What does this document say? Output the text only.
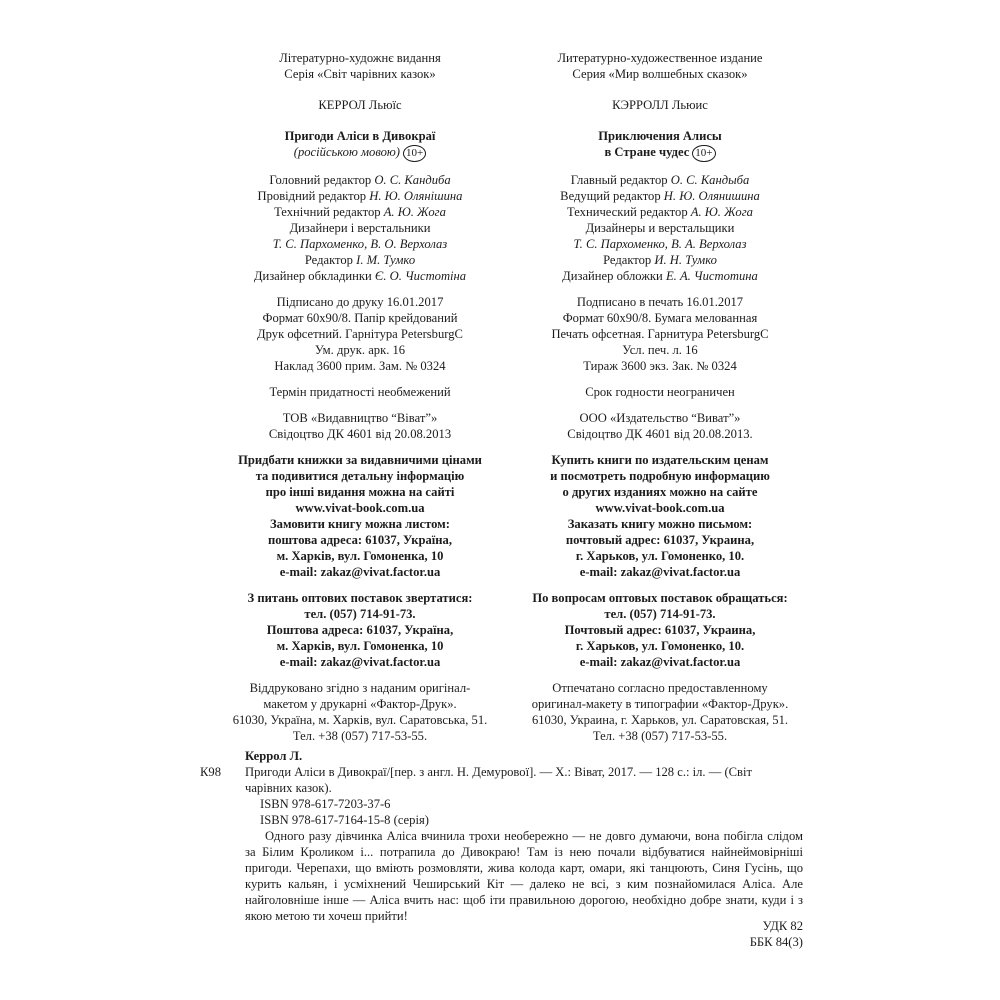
Літературно-художнє видання
Серія «Світ чарівних казок»
КЕРРОЛ Льюїс
Пригоди Аліси в Дивокраї
(російською мовою) 10+
Головний редактор О. С. Кандиба
Провідний редактор Н. Ю. Олянішина
Технічний редактор А. Ю. Жога
Дизайнери і верстальники
Т. С. Пархоменко, В. О. Верхолаз
Редактор І. М. Тумко
Дизайнер обкладинки Є. О. Чистотіна
Підписано до друку 16.01.2017
Формат 60х90/8. Папір крейдований
Друк офсетний. Гарнітура PetersburgC
Ум. друк. арк. 16
Наклад 3600 прим. Зам. № 0324
Термін придатності необмежений
ТОВ «Видавництво “Віват”»
Свідоцтво ДК 4601 від 20.08.2013
Придбати книжки за видавничими цінами
та подивитися детальну інформацію
про інші видання можна на сайті
www.vivat-book.com.ua
Замовити книгу можна листом:
поштова адреса: 61037, Україна,
м. Харків, вул. Гомоненка, 10
e-mail: zakaz@vivat.factor.ua
З питань оптових поставок звертатися:
тел. (057) 714-91-73.
Поштова адреса: 61037, Україна,
м. Харків, вул. Гомоненка, 10
e-mail: zakaz@vivat.factor.ua
Віддруковано згідно з наданим оригінал-
макетом у друкарні «Фактор-Друк».
61030, Україна, м. Харків, вул. Саратовська, 51.
Тел. +38 (057) 717-53-55.
Литературно-художественное издание
Серия «Мир волшебных сказок»
КЭРРОЛЛ Льюис
Приключения Алисы
в Стране чудес 10+
Главный редактор О. С. Кандыба
Ведущий редактор Н. Ю. Олянишина
Технический редактор А. Ю. Жога
Дизайнеры и верстальщики
Т. С. Пархоменко, В. А. Верхолаз
Редактор И. Н. Тумко
Дизайнер обложки Е. А. Чистотина
Подписано в печать 16.01.2017
Формат 60х90/8. Бумага мелованная
Печать офсетная. Гарнитура PetersburgC
Усл. печ. л. 16
Тираж 3600 экз. Зак. № 0324
Срок годности неограничен
ООО «Издательство “Виват”»
Свідоцтво ДК 4601 від 20.08.2013.
Купить книги по издательским ценам
и посмотреть подробную информацию
о других изданиях можно на сайте
www.vivat-book.com.ua
Заказать книгу можно письмом:
почтовый адрес: 61037, Украина,
г. Харьков, ул. Гомоненко, 10.
e-mail: zakaz@vivat.factor.ua
По вопросам оптовых поставок обращаться:
тел. (057) 714-91-73.
Почтовый адрес: 61037, Украина,
г. Харьков, ул. Гомоненко, 10.
e-mail: zakaz@vivat.factor.ua
Отпечатано согласно предоставленному
оригинал-макету в типографии «Фактор-Друк».
61030, Украина, г. Харьков, ул. Саратовская, 51.
Тел. +38 (057) 717-53-55.
Керрол Л.
К98 Пригоди Аліси в Дивокраї/[пер. з англ. Н. Демурової]. — Х.: Віват, 2017. — 128 с.: іл. — (Світ
чарівних казок).
ISBN 978-617-7203-37-6
ISBN 978-617-7164-15-8 (серія)

Одного разу дівчинка Аліса вчинила трохи необережно — не довго думаючи, вона побігла слідом за Білим Кроликом і... потрапила до Дивокраю! Там із нею почали відбуватися найнеймовірніші пригоди. Черепахи, що вміють розмовляти, жива колода карт, омари, які танцюють, Синя Гусінь, що курить кальян, і усміхнений Чеширський Кіт — далеко не всі, з ким познайомилася Аліса. Але найголовніше інше — Аліса вчить нас: щоб іти правильною дорогою, необхідно добре знати, куди і з якою метою ти хочеш прийти!

УДК 82
ББК 84(3)
